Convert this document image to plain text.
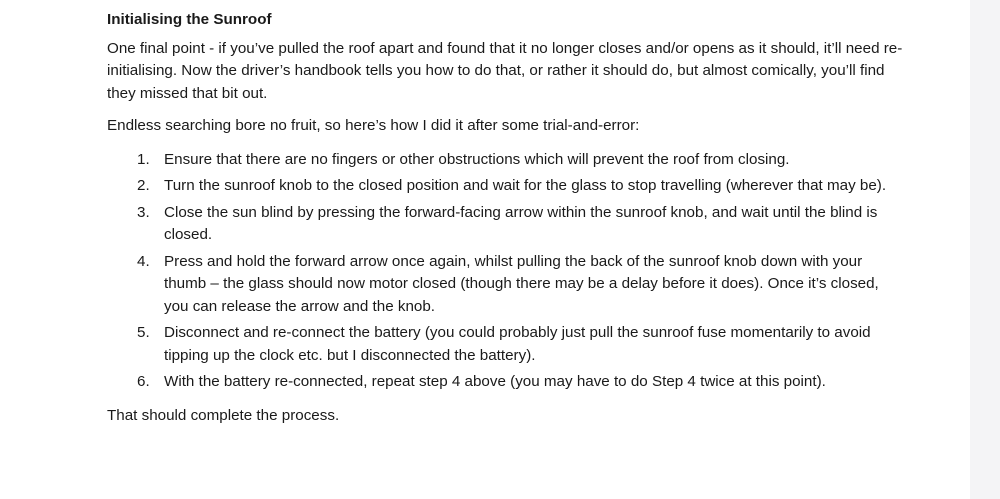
Initialising the Sunroof

One final point - if you’ve pulled the roof apart and found that it no longer closes and/or opens as it should, it’ll need re-initialising. Now the driver’s handbook tells you how to do that, or rather it should do, but almost comically, you’ll find they missed that bit out.

Endless searching bore no fruit, so here’s how I did it after some trial-and-error:

1. Ensure that there are no fingers or other obstructions which will prevent the roof from closing.
2. Turn the sunroof knob to the closed position and wait for the glass to stop travelling (wherever that may be).
3. Close the sun blind by pressing the forward-facing arrow within the sunroof knob, and wait until the blind is closed.
4. Press and hold the forward arrow once again, whilst pulling the back of the sunroof knob down with your thumb – the glass should now motor closed (though there may be a delay before it does). Once it’s closed, you can release the arrow and the knob.
5. Disconnect and re-connect the battery (you could probably just pull the sunroof fuse momentarily to avoid tipping up the clock etc. but I disconnected the battery).
6. With the battery re-connected, repeat step 4 above (you may have to do Step 4 twice at this point).

That should complete the process.
